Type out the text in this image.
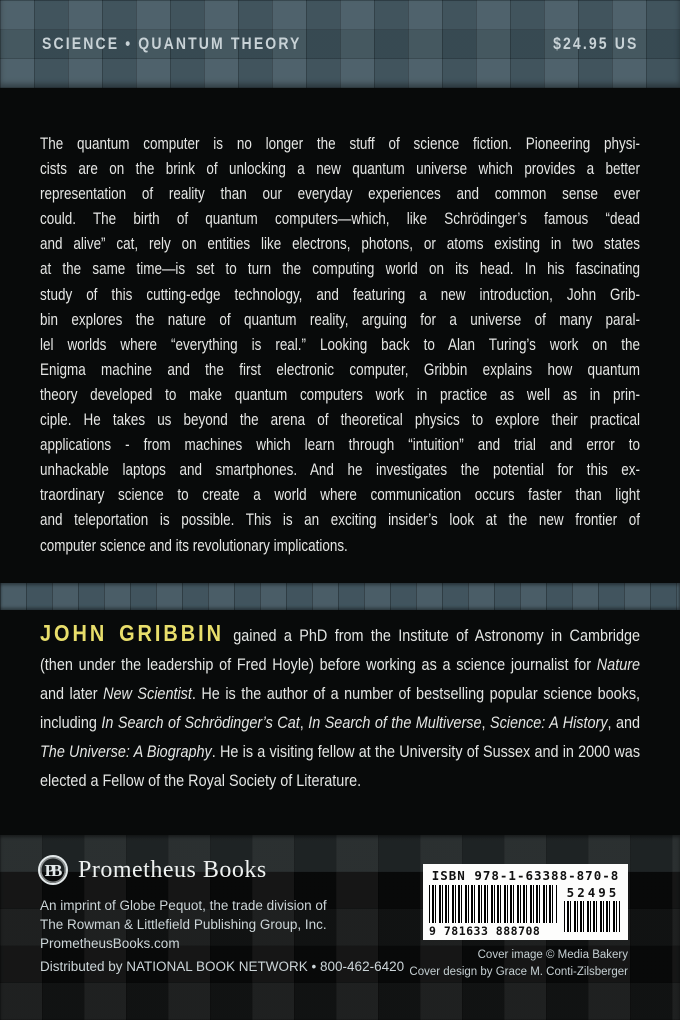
SCIENCE • QUANTUM THEORY	$24.95 US
The quantum computer is no longer the stuff of science fiction. Pioneering physi-
cists are on the brink of unlocking a new quantum universe which provides a better
representation of reality than our everyday experiences and common sense ever
could. The birth of quantum computers—which, like Schrödinger’s famous “dead
and alive” cat, rely on entities like electrons, photons, or atoms existing in two states
at the same time—is set to turn the computing world on its head. In his fascinating
study of this cutting-edge technology, and featuring a new introduction, John Grib-
bin explores the nature of quantum reality, arguing for a universe of many paral-
lel worlds where “everything is real.” Looking back to Alan Turing’s work on the
Enigma machine and the first electronic computer, Gribbin explains how quantum
theory developed to make quantum computers work in practice as well as in prin-
ciple. He takes us beyond the arena of theoretical physics to explore their practical
applications - from machines which learn through “intuition” and trial and error to
unhackable laptops and smartphones. And he investigates the potential for this ex-
traordinary science to create a world where communication occurs faster than light
and teleportation is possible. This is an exciting insider’s look at the new frontier of
computer science and its revolutionary implications.

JOHN GRIBBIN gained a PhD from the Institute of Astronomy in Cambridge (then under the leadership of Fred Hoyle) before working as a science journalist for Nature and later New Scientist. He is the author of a number of bestselling popular science books, including In Search of Schrödinger’s Cat, In Search of the Multiverse, Science: A History, and The Universe: A Biography. He is a visiting fellow at the University of Sussex and in 2000 was elected a Fellow of the Royal Society of Literature.

PB Prometheus Books
An imprint of Globe Pequot, the trade division of
The Rowman & Littlefield Publishing Group, Inc.
PrometheusBooks.com
Distributed by NATIONAL BOOK NETWORK • 800-462-6420
ISBN 978-1-63388-870-8
9 781633 888708
52495
Cover image © Media Bakery
Cover design by Grace M. Conti-Zilsberger
